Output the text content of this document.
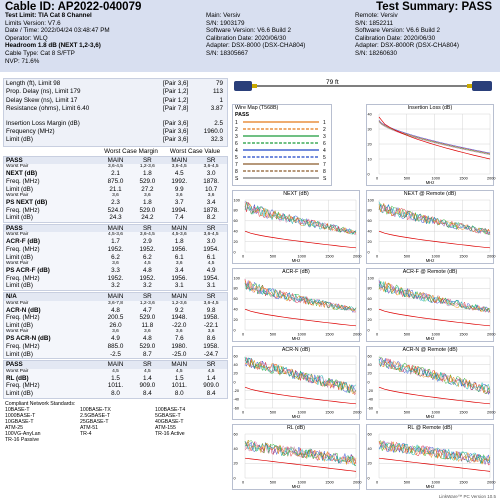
Cable ID: AP2022-040079	Test Summary: PASS
Test Limit: TIA Cat 8 Channel
Limits Version: V7.6
Date / Time: 2022/04/24 03:48:47 PM
Operator: WLQ
Headroom 1.8 dB (NEXT 1,2-3,6)
Cable Type: Cat 8 S/FTP
NVP: 71.6%
Main: Versiv
S/N: 1903179
Software Version: V6.6 Build 2
Calibration Date: 2020/06/30
Adapter: DSX-8000 (DSX-CHA804)
S/N: 18305667
Remote: Versiv
S/N: 1852211
Software Version: V6.6 Build 2
Calibration Date: 2020/06/30
Adapter: DSX-8000R (DSX-CHA804)
S/N: 18260630
Length (ft), Limit 98	[Pair 3,6]	79
Prop. Delay (ns), Limit 179	[Pair 1,2]	113
Delay Skew (ns), Limit 17	[Pair 1,2]	1
Resistance (ohms), Limit 6.40	[Pair 7,8]	3.87
Insertion Loss Margin (dB)	[Pair 3,6]	2.5
Frequency (MHz)	[Pair 3,6]	1960.0
Limit (dB)	[Pair 3,6]	32.3
Worst Case Margin	Worst Case Value
PASS	MAIN	SR	MAIN	SR
Worst Pair	3,6-4,5	1,2-3,6	3,6-4,5	3,6-4,5
NEXT (dB)	2.1	1.8	4.5	3.0
Freq. (MHz)	875.0	529.0	1992.	1878.
Limit (dB)	21.1	27.2	9.9	10.7
Worst Pair	3,6	3,6	3,6	3,6
PS NEXT (dB)	2.3	1.8	3.7	3.4
Freq. (MHz)	524.0	529.0	1994.	1878.
Limit (dB)	24.3	24.2	7.4	8.2
PASS	MAIN	SR	MAIN	SR
Worst Pair	4,5-3,6	3,6-4,5	4,5-3,6	3,6-4,5
ACR-F (dB)	1.7	2.9	1.8	3.0
Freq. (MHz)	1952.	1952.	1956.	1954.
Limit (dB)	6.2	6.2	6.1	6.1
Worst Pair	3,6	4,5	3,6	4,5
PS ACR-F (dB)	3.3	4.8	3.4	4.9
Freq. (MHz)	1952.	1952.	1956.	1954.
Limit (dB)	3.2	3.2	3.1	3.1
N/A	MAIN	SR	MAIN	SR
Worst Pair	3,6-7,8	1,2-3,6	1,2-3,6	3,6-4,5
ACR-N (dB)	4.8	4.7	9.2	9.8
Freq. (MHz)	200.5	529.0	1948.	1958.
Limit (dB)	26.0	11.8	-22.0	-22.1
Worst Pair	3,6	3,6	3,6	3,6
PS ACR-N (dB)	4.9	4.8	7.6	8.6
Freq. (MHz)	885.0	529.0	1980.	1958.
Limit (dB)	-2.5	8.7	-25.0	-24.7
PASS	MAIN	SR	MAIN	SR
Worst Pair	4,5	4,5	4,5	4,5
RL (dB)	1.5	1.4	1.5	1.4
Freq. (MHz)	1011.	909.0	1011.	909.0
Limit (dB)	8.0	8.4	8.0	8.4
Compliant Network Standards:
10BASE-T	100BASE-TX	100BASE-T4
1000BASE-T	2.5GBASE-T	5GBASE-T
10GBASE-T	25GBASE-T	40GBASE-T
ATM-25	ATM-51	ATM-155
100VG-AnyLan	TR-4	TR-16 Active
TR-16 Passive
79 ft
Wire Map (T568B)
PASS
1	1
2	2
3	3
6	6
4	4
5	5
7	7
8	8
S	S
Insertion Loss (dB)
0	500	1000	1500	2000
40
30
20
10
0
MHz
NEXT (dB)
0	500	1000	1500	2000
100
80
60
40
20
0
MHz
NEXT @ Remote (dB)
0	500	1000	1500	2000
100
80
60
40
20
0
MHz
ACR-F (dB)
0	500	1000	1500	2000
100
80
60
40
20
0
MHz
ACR-F @ Remote (dB)
0	500	1000	1500	2000
100
80
60
40
20
0
MHz
ACR-N (dB)
0	500	1000	1500	2000
60
40
20
0
-20
-40
-60
MHz
ACR-N @ Remote (dB)
0	500	1000	1500	2000
60
40
20
0
-20
-40
-60
MHz
RL (dB)
0	500	1000	1500	2000
60
40
20
0
MHz
RL @ Remote (dB)
0	500	1000	1500	2000
60
40
20
0
MHz
LinkWare™ PC Version 10.5
